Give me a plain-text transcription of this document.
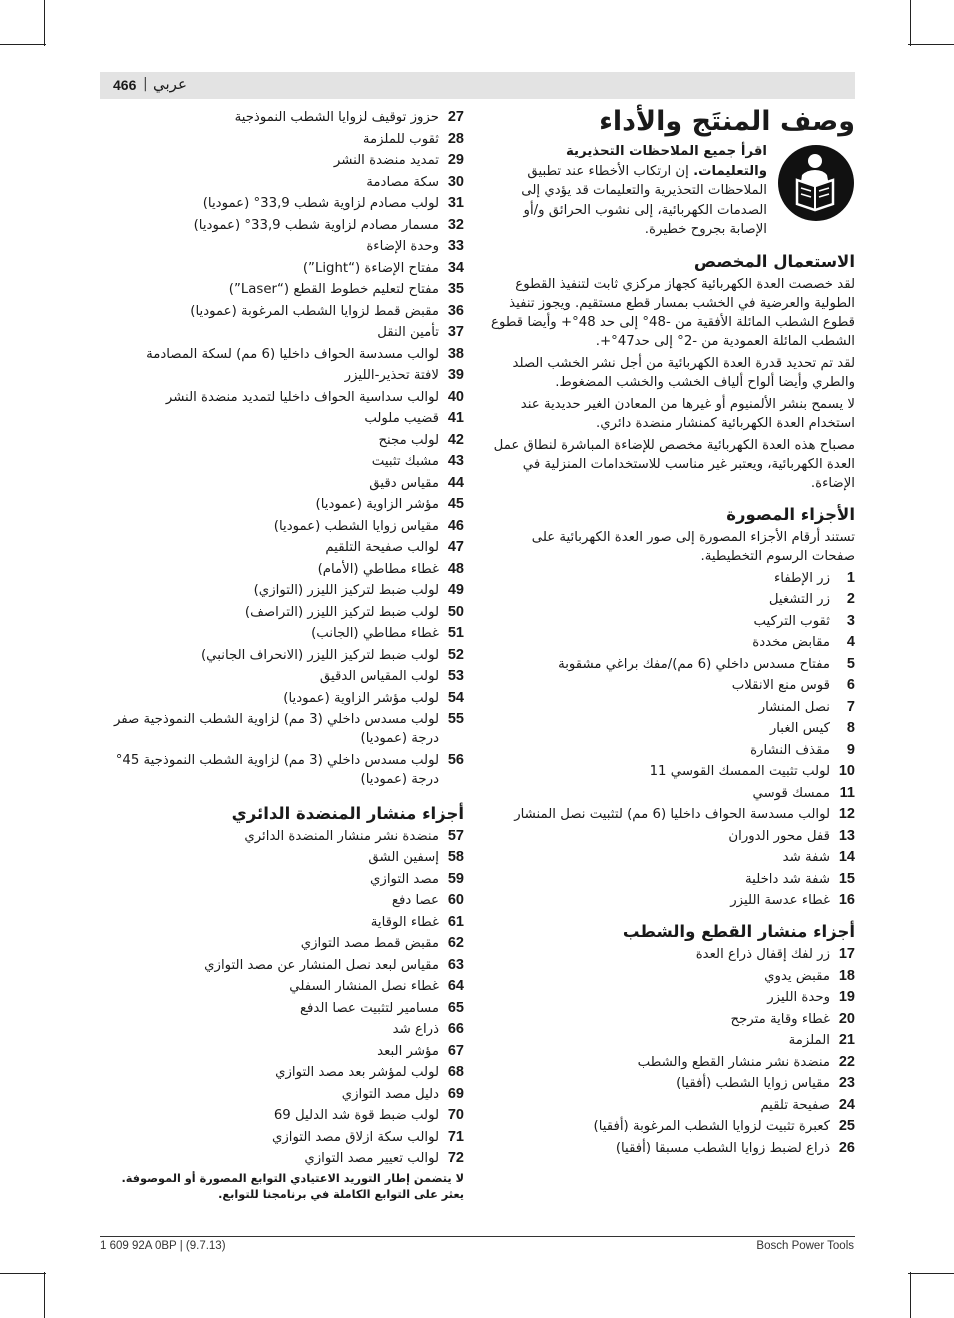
466 | عربي
وصف المنتَج والأداء
اقرأ جميع الملاحظات التحذيرية والتعليمات. إن ارتكاب الأخطاء عند تطبيق الملاحظات التحذيرية والتعليمات قد يؤدي إلى الصدمات الكهربائية، إلى نشوب الحرائق و/أو الإصابة بجروح خطيرة.
الاستعمال المخصص
لقد خصصت العدة الكهربائية كجهاز مركزي ثابت لتنفيذ القطوع الطولية والعرضية في الخشب بمسار قطع مستقيم. ويجوز تنفيذ قطوع الشطب المائلة الأفقية من -48° إلى حد 48°+ وأيضا قطوع الشطب المائلة العمودية من -2° إلى حد47°+.
لقد تم تحديد قدرة العدة الكهربائية من أجل نشر الخشب الصلد والطري وأيضا ألواح ألياف الخشب والخشب المضغوط.
لا يسمح بنشر الألمنيوم أو غيرها من المعادن الغير حديدية عند استخدام العدة الكهربائية كمنشار منضدة دائري.
مصباح هذه العدة الكهربائية مخصص للإضاءة المباشرة لنطاق عمل العدة الكهربائية، ويعتبر غير مناسب للاستخدامات المنزلية في الإضاءة.
الأجزاء المصورة
تستند أرقام الأجزاء المصورة إلى صور العدة الكهربائية على صفحات الرسوم التخطيطية.
1
زر الإطفاء
2
زر التشغيل
3
ثقوب التركيب
4
مقابض مخددة
5
مفتاح مسدس داخلي (6 مم)/مفك براغي مشقوبة
6
قوس منع الانقلاب
7
نصل المنشار
8
كيس الغبار
9
مقذف النشارة
10
لولب تثبيت الممسك القوسي 11
11
ممسك قوسي
12
لوالب مسدسة الحواف داخليا (6 مم) لتثبيت نصل المنشار
13
قفل محور الدوران
14
شفة شد
15
شفة شد داخلية
16
غطاء عدسة الليزر
أجزاء منشار القطع والشطب
17
زر لفك إقفال ذراع العدة
18
مقبض يدوي
19
وحدة الليزر
20
غطاء وقاية مترجح
21
الملزمة
22
منضدة نشر منشار القطع والشطب
23
مقياس زوايا الشطب (أفقيا)
24
صفيحة تلقيم
25
كعبرة تثبيت لزوايا الشطب المرغوبة (أفقيا)
26
ذراع لضبط زوايا الشطب مسبقا (أفقيا)
27
حزوز توقيف لزوايا الشطب النموذجية
28
ثقوب للملزمة
29
تمديد منضدة النشر
30
سكة مصادمة
31
لولب مصادم لزاوية شطب 33,9° (عموديا)
32
مسمار مصادم لزاوية شطب 33,9° (عموديا)
33
وحدة الإضاءة
34
مفتاح الإضاءة (“Light”)
35
مفتاح لتعليم خطوط القطع (“Laser”)
36
مقبض قمط لزوايا الشطب المرغوبة (عموديا)
37
تأمين النقل
38
لوالب مسدسة الحواف داخليا (6 مم) لسكة المصادمة
39
لافتة تحذير-الليزر
40
لوالب سداسية الحواف داخليا لتمديد منضدة النشر
41
قضيب ملولب
42
لولب مجنح
43
مشبك تثبيت
44
مقياس دقيق
45
مؤشر الزاوية (عموديا)
46
مقياس زوايا الشطب (عموديا)
47
لوالب صفيحة التلقيم
48
غطاء مطاطي (الأمام)
49
لولب ضبط لتركيز الليزر (التوازي)
50
لولب ضبط لتركيز الليزر (التراصف)
51
غطاء مطاطي (الجانب)
52
لولب ضبط لتركيز الليزر (الانحراف الجانبي)
53
لولب المقياس الدقيق
54
لولب مؤشر الزاوية (عموديا)
55
لولب مسدس داخلي (3 مم) لزاوية الشطب النموذجية صفر درجة (عموديا)
56
لولب مسدس داخلي (3 مم) لزاوية الشطب النموذجية 45° درجة (عموديا)
أجزاء منشار المنضدة الدائري
57
منضدة نشر منشار المنضدة الدائري
58
إسفين الشق
59
مصد التوازي
60
عصا دفع
61
غطاء الوقاية
62
مقبض قمط مصد التوازي
63
مقياس لبعد نصل المنشار عن مصد التوازي
64
غطاء نصل المنشار السفلي
65
مسامير لتثبيت عصا الدفع
66
ذراع شد
67
مؤشر البعد
68
لولب لمؤشر بعد مصد التوازي
69
دليل مصد التوازي
70
لولب ضبط قوة شد الدليل 69
71
لوالب سكة ازلاق مصد التوازي
72
لوالب تعيير مصد التوازي
لا يتضمن إطار التوريد الاعتيادي التوابع المصورة أو الموصوفة. يعثر على التوابع الكاملة في برنامجنا للتوابع.
1 609 92A 0BP | (9.7.13)	Bosch Power Tools
